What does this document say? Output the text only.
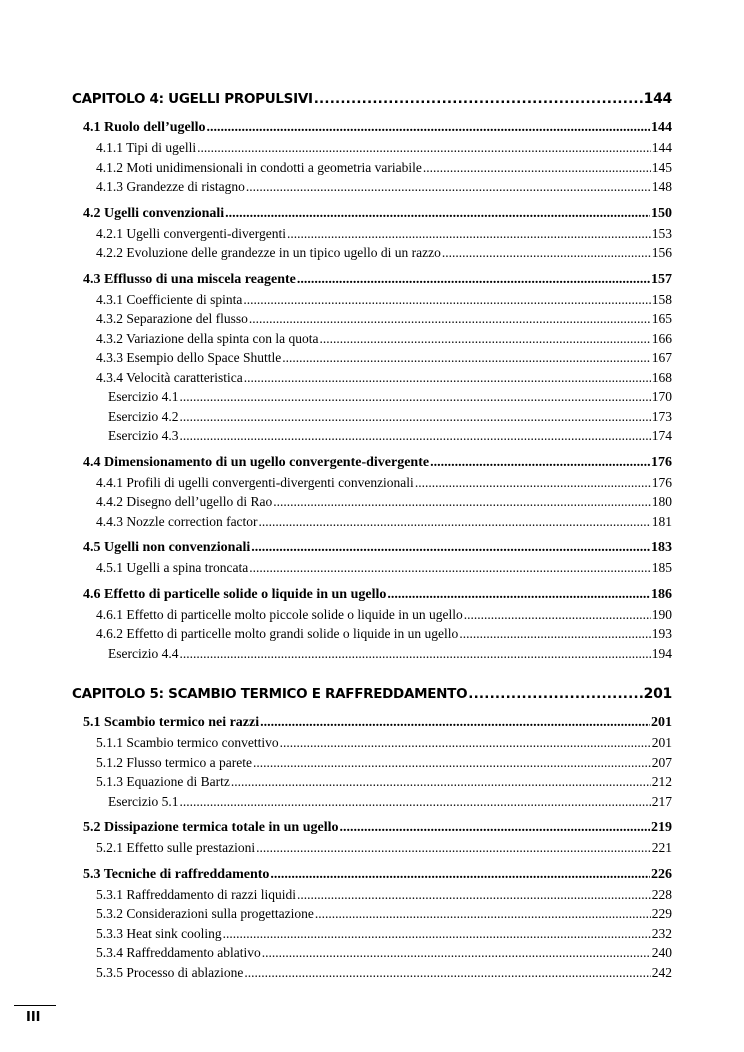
CAPITOLO 4: UGELLI PROPULSIVI .....	144
4.1 Ruolo dell’ugello .....	144
4.1.1 Tipi di ugelli .....	144
4.1.2 Moti unidimensionali in condotti a geometria variabile .....	145
4.1.3 Grandezze di ristagno .....	148
4.2 Ugelli convenzionali .....	150
4.2.1 Ugelli convergenti-divergenti .....	153
4.2.2 Evoluzione delle grandezze in un tipico ugello di un razzo .....	156
4.3 Efflusso di una miscela reagente .....	157
4.3.1 Coefficiente di spinta .....	158
4.3.2 Separazione del flusso .....	165
4.3.2 Variazione della spinta con la quota .....	166
4.3.3 Esempio dello Space Shuttle .....	167
4.3.4 Velocità caratteristica .....	168
Esercizio 4.1 .....	170
Esercizio 4.2 .....	173
Esercizio 4.3 .....	174
4.4 Dimensionamento di un ugello convergente-divergente .....	176
4.4.1 Profili di ugelli convergenti-divergenti convenzionali .....	176
4.4.2 Disegno dell’ugello di Rao .....	180
4.4.3 Nozzle correction factor .....	181
4.5 Ugelli non convenzionali .....	183
4.5.1 Ugelli a spina troncata .....	185
4.6 Effetto di particelle solide o liquide in un ugello .....	186
4.6.1 Effetto di particelle molto piccole solide o liquide in un ugello .....	190
4.6.2 Effetto di particelle molto grandi solide o liquide in un ugello .....	193
Esercizio 4.4 .....	194
CAPITOLO 5: SCAMBIO TERMICO E RAFFREDDAMENTO .....	201
5.1 Scambio termico nei razzi .....	201
5.1.1 Scambio termico convettivo .....	201
5.1.2 Flusso termico a parete .....	207
5.1.3 Equazione di Bartz .....	212
Esercizio 5.1 .....	217
5.2 Dissipazione termica totale in un ugello .....	219
5.2.1 Effetto sulle prestazioni .....	221
5.3 Tecniche di raffreddamento .....	226
5.3.1 Raffreddamento di razzi liquidi .....	228
5.3.2 Considerazioni sulla progettazione .....	229
5.3.3 Heat sink cooling .....	232
5.3.4 Raffreddamento ablativo .....	240
5.3.5 Processo di ablazione .....	242
III
